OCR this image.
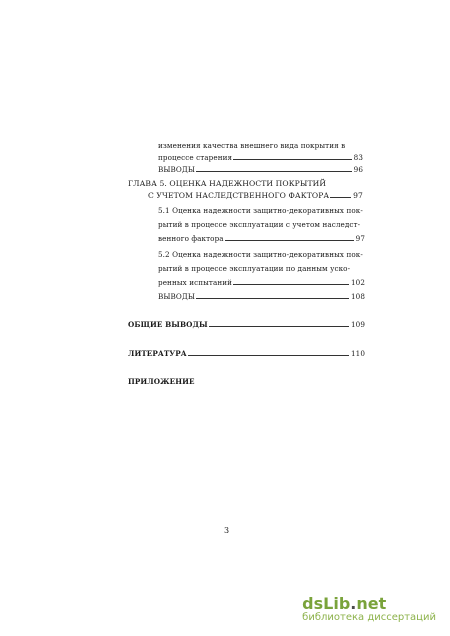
изменения качества внешнего вида покрытия в
процессе старения	83
ВЫВОДЫ	96
ГЛАВА 5. ОЦЕНКА НАДЕЖНОСТИ ПОКРЫТИЙ
С УЧЕТОМ НАСЛЕДСТВЕННОГО ФАКТОРА	97
5.1 Оценка надежности защитно-декоративных пок-
рытий в процессе эксплуатации с учетом наследст-
венного фактора	97
5.2 Оценка надежности защитно-декоративных пок-
рытий в процессе эксплуатации по данным уско-
ренных испытаний	102
ВЫВОДЫ	108
ОБЩИЕ ВЫВОДЫ	109
ЛИТЕРАТУРА	110
ПРИЛОЖЕНИЕ
3
dsLib.net
библиотека диссертаций
